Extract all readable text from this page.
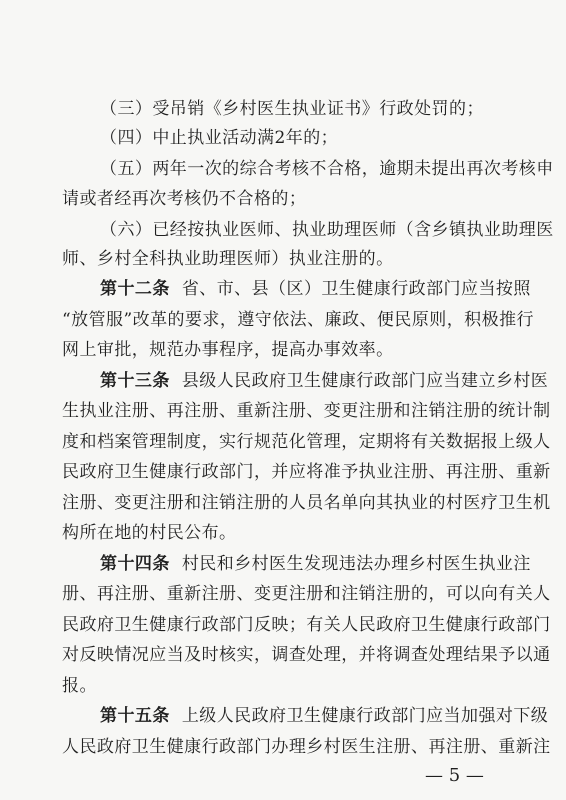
（三）受吊销《乡村医生执业证书》行政处罚的；
（四）中止执业活动满2年的；
（五）两年一次的综合考核不合格，逾期未提出再次考核申
请或者经再次考核仍不合格的；
（六）已经按执业医师、执业助理医师（含乡镇执业助理医
师、乡村全科执业助理医师）执业注册的。
第十二条 省、市、县（区）卫生健康行政部门应当按照
“放管服”改革的要求，遵守依法、廉政、便民原则，积极推行
网上审批，规范办事程序，提高办事效率。
第十三条 县级人民政府卫生健康行政部门应当建立乡村医
生执业注册、再注册、重新注册、变更注册和注销注册的统计制
度和档案管理制度，实行规范化管理，定期将有关数据报上级人
民政府卫生健康行政部门，并应将准予执业注册、再注册、重新
注册、变更注册和注销注册的人员名单向其执业的村医疗卫生机
构所在地的村民公布。
第十四条 村民和乡村医生发现违法办理乡村医生执业注
册、再注册、重新注册、变更注册和注销注册的，可以向有关人
民政府卫生健康行政部门反映；有关人民政府卫生健康行政部门
对反映情况应当及时核实，调查处理，并将调查处理结果予以通
报。
第十五条 上级人民政府卫生健康行政部门应当加强对下级
人民政府卫生健康行政部门办理乡村医生注册、再注册、重新注
— 5 —
